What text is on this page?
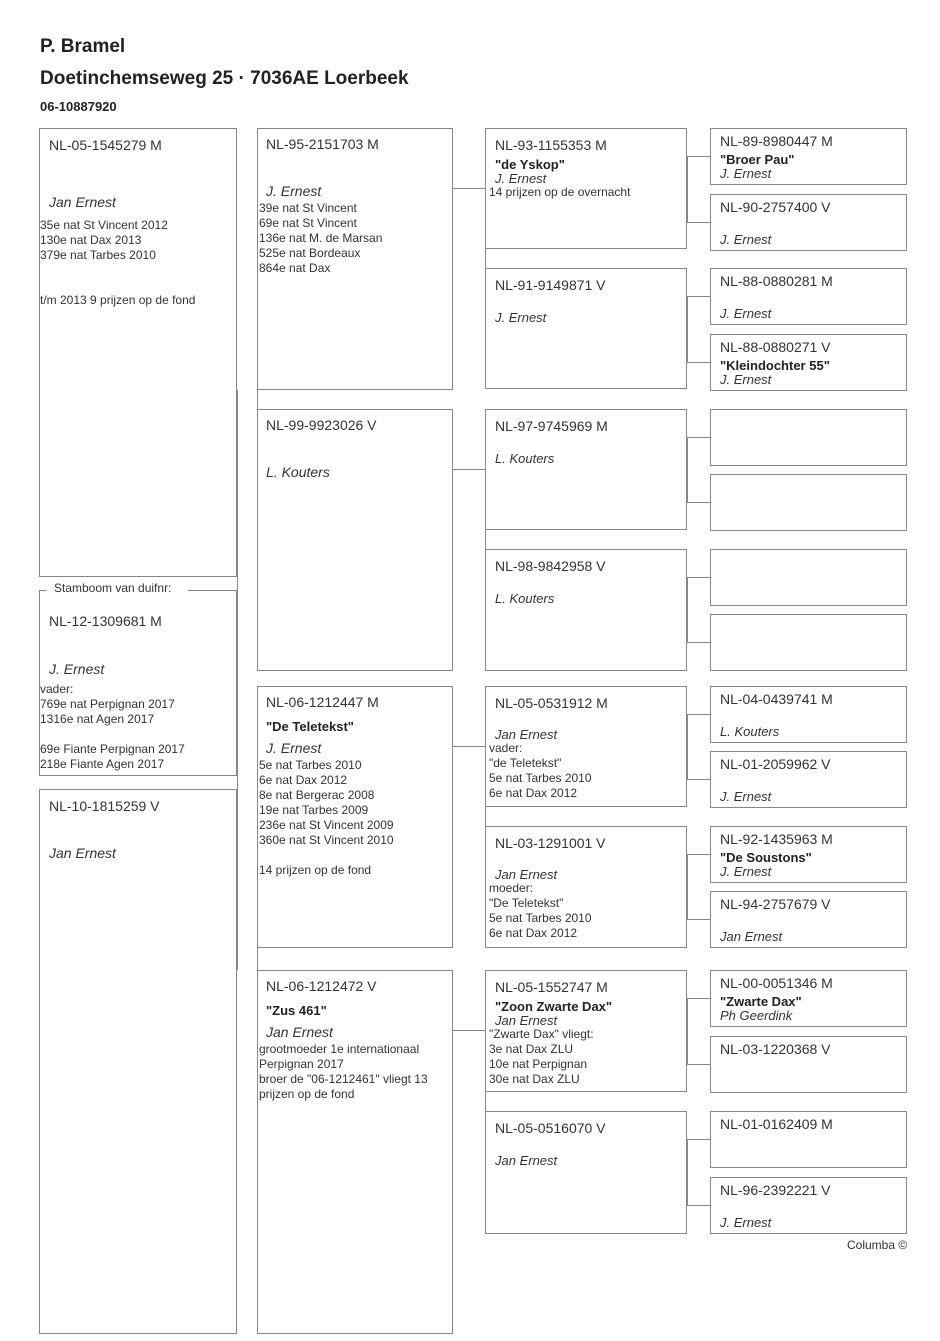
P. Bramel
Doetinchemseweg 25 · 7036AE Loerbeek
06-10887920
NL-05-1545279 M
Jan Ernest
35e nat St Vincent 2012
130e nat Dax 2013
379e nat Tarbes 2010
t/m 2013 9 prijzen op de fond
NL-12-1309681 M
J. Ernest
vader:
769e nat Perpignan 2017
1316e nat Agen 2017
69e Fiante Perpignan 2017
218e Fiante Agen 2017
NL-10-1815259 V
Jan Ernest
NL-95-2151703 M
J. Ernest
39e nat St Vincent
69e nat St Vincent
136e nat M. de Marsan
525e nat Bordeaux
864e nat Dax
NL-99-9923026 V
L. Kouters
NL-06-1212447 M
"De Teletekst"
J. Ernest
5e nat Tarbes 2010
6e nat Dax 2012
8e nat Bergerac 2008
19e nat Tarbes 2009
236e nat St Vincent 2009
360e nat St Vincent 2010
14 prijzen op de fond
NL-06-1212472 V
"Zus 461"
Jan Ernest
grootmoeder 1e internationaal
Perpignan 2017
broer de "06-1212461" vliegt 13
prijzen op de fond
NL-93-1155353 M
"de Yskop"
J. Ernest
14 prijzen op de overnacht
NL-91-9149871 V
J. Ernest
NL-97-9745969 M
L. Kouters
NL-98-9842958 V
L. Kouters
NL-05-0531912 M
Jan Ernest
vader:
"de Teletekst"
5e nat Tarbes 2010
6e nat Dax 2012
NL-03-1291001 V
Jan Ernest
moeder:
"De Teletekst"
5e nat Tarbes 2010
6e nat Dax 2012
NL-05-1552747 M
"Zoon Zwarte Dax"
Jan Ernest
"Zwarte Dax" vliegt:
3e nat Dax ZLU
10e nat Perpignan
30e nat Dax ZLU
NL-05-0516070 V
Jan Ernest
NL-89-8980447 M
"Broer Pau"
J. Ernest
NL-90-2757400 V
J. Ernest
NL-88-0880281 M
J. Ernest
NL-88-0880271 V
"Kleindochter 55"
J. Ernest
NL-04-0439741 M
L. Kouters
NL-01-2059962 V
J. Ernest
NL-92-1435963 M
"De Soustons"
J. Ernest
NL-94-2757679 V
Jan Ernest
NL-00-0051346 M
"Zwarte Dax"
Ph Geerdink
NL-03-1220368 V
NL-01-0162409 M
NL-96-2392221 V
J. Ernest
Stamboom van duifnr:
Columba ©
